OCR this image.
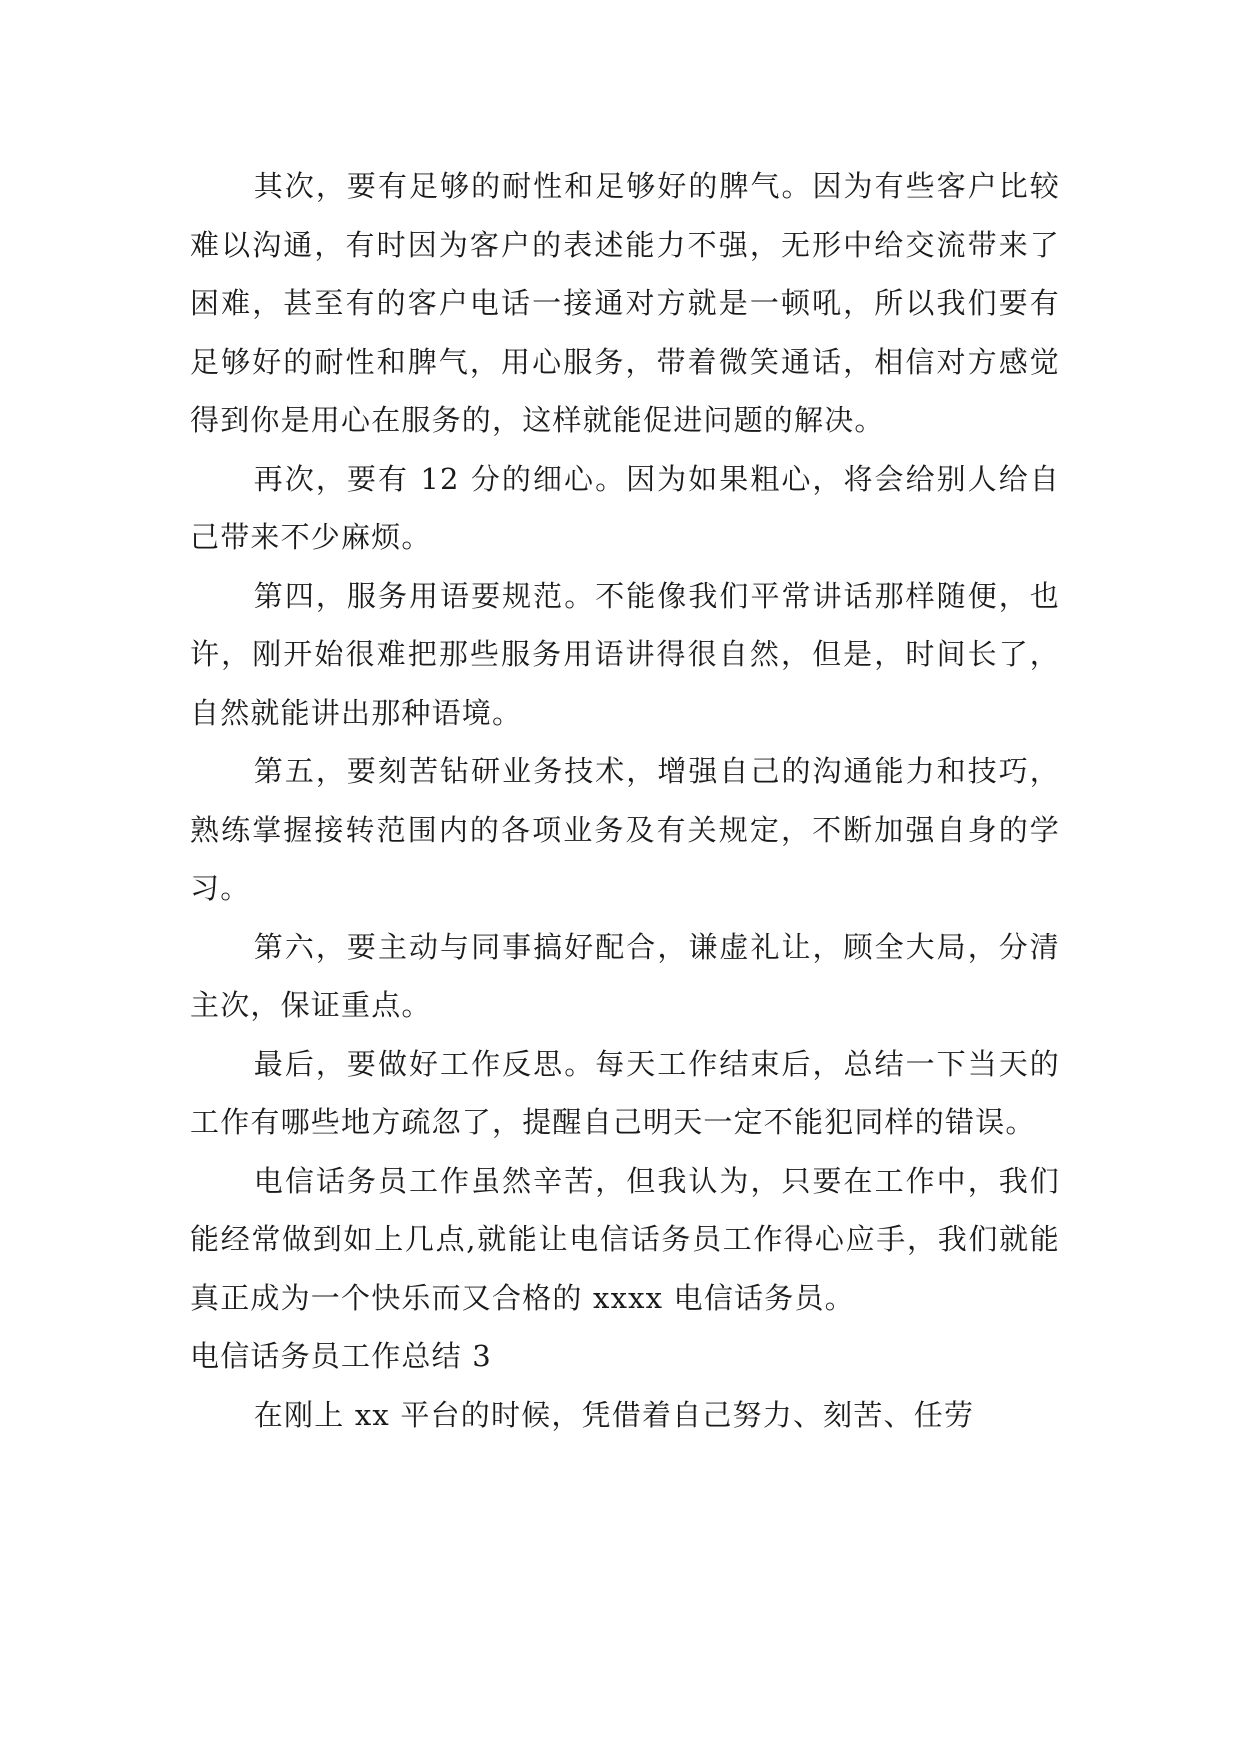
其次，要有足够的耐性和足够好的脾气。因为有些客户比较难以沟通，有时因为客户的表述能力不强，无形中给交流带来了困难，甚至有的客户电话一接通对方就是一顿吼，所以我们要有足够好的耐性和脾气，用心服务，带着微笑通话，相信对方感觉得到你是用心在服务的，这样就能促进问题的解决。

再次，要有 12 分的细心。因为如果粗心，将会给别人给自己带来不少麻烦。

第四，服务用语要规范。不能像我们平常讲话那样随便，也许，刚开始很难把那些服务用语讲得很自然，但是，时间长了，自然就能讲出那种语境。

第五，要刻苦钻研业务技术，增强自己的沟通能力和技巧，熟练掌握接转范围内的各项业务及有关规定，不断加强自身的学习。

第六，要主动与同事搞好配合，谦虚礼让，顾全大局，分清主次，保证重点。

最后，要做好工作反思。每天工作结束后，总结一下当天的工作有哪些地方疏忽了，提醒自己明天一定不能犯同样的错误。

电信话务员工作虽然辛苦，但我认为，只要在工作中，我们能经常做到如上几点,就能让电信话务员工作得心应手，我们就能真正成为一个快乐而又合格的 xxxx 电信话务员。

电信话务员工作总结 3

在刚上 xx 平台的时候，凭借着自己努力、刻苦、任劳
